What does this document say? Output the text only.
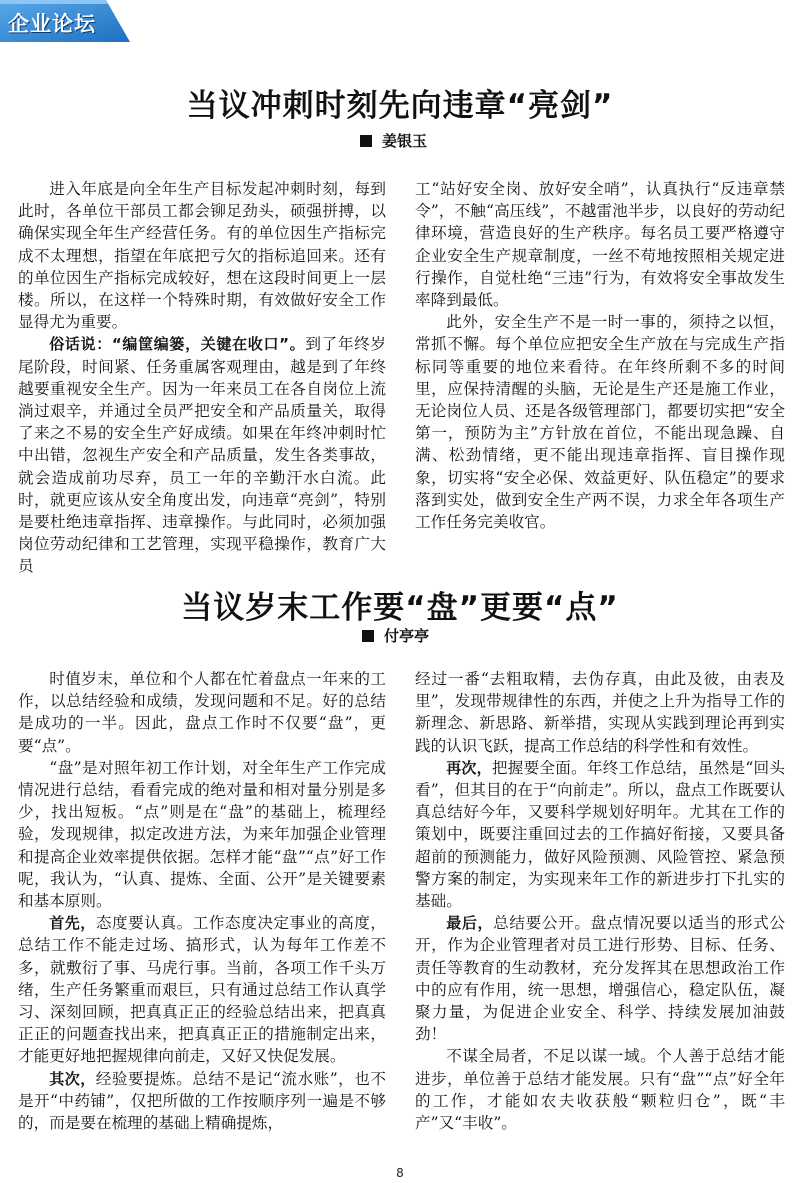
企业论坛
当议冲刺时刻先向违章“亮剑”
姜银玉

进入年底是向全年生产目标发起冲刺时刻，每到此时，各单位干部员工都会铆足劲头，硕强拼搏，以确保实现全年生产经营任务。有的单位因生产指标完成不太理想，指望在年底把亏欠的指标追回来。还有的单位因生产指标完成较好，想在这段时间更上一层楼。所以，在这样一个特殊时期，有效做好安全工作显得尤为重要。

俗话说：“编筐编篓，关键在收口”。到了年终岁尾阶段，时间紧、任务重属客观理由，越是到了年终越要重视安全生产。因为一年来员工在各自岗位上流淌过艰辛，并通过全员严把安全和产品质量关，取得了来之不易的安全生产好成绩。如果在年终冲刺时忙中出错，忽视生产安全和产品质量，发生各类事故，就会造成前功尽弃，员工一年的辛勤汗水白流。此时，就更应该从安全角度出发，向违章“亮剑”，特别是要杜绝违章指挥、违章操作。与此同时，必须加强岗位劳动纪律和工艺管理，实现平稳操作，教育广大员

工“站好安全岗、放好安全哨”，认真执行“反违章禁令”，不触“高压线”，不越雷池半步，以良好的劳动纪律环境，营造良好的生产秩序。每名员工要严格遵守企业安全生产规章制度，一丝不苟地按照相关规定进行操作，自觉杜绝“三违”行为，有效将安全事故发生率降到最低。

此外，安全生产不是一时一事的，须持之以恒，常抓不懈。每个单位应把安全生产放在与完成生产指标同等重要的地位来看待。在年终所剩不多的时间里，应保持清醒的头脑，无论是生产还是施工作业，无论岗位人员、还是各级管理部门，都要切实把“安全第一，预防为主”方针放在首位，不能出现急躁、自满、松劲情绪，更不能出现违章指挥、盲目操作现象，切实将“安全必保、效益更好、队伍稳定”的要求落到实处，做到安全生产两不误，力求全年各项生产工作任务完美收官。

当议岁末工作要“盘”更要“点”
付亭亭

时值岁末，单位和个人都在忙着盘点一年来的工作，以总结经验和成绩，发现问题和不足。好的总结是成功的一半。因此，盘点工作时不仅要“盘”，更要“点”。

“盘”是对照年初工作计划，对全年生产工作完成情况进行总结，看看完成的绝对量和相对量分别是多少，找出短板。“点”则是在“盘”的基础上，梳理经验，发现规律，拟定改进方法，为来年加强企业管理和提高企业效率提供依据。怎样才能“盘”“点”好工作呢，我认为，“认真、提炼、全面、公开”是关键要素和基本原则。

首先，态度要认真。工作态度决定事业的高度，总结工作不能走过场、搞形式，认为每年工作差不多，就敷衍了事、马虎行事。当前，各项工作千头万绪，生产任务繁重而艰巨，只有通过总结工作认真学习、深刻回顾，把真真正正的经验总结出来，把真真正正的问题查找出来，把真真正正的措施制定出来，才能更好地把握规律向前走，又好又快促发展。

其次，经验要提炼。总结不是记“流水账”，也不是开“中药铺”，仅把所做的工作按顺序列一遍是不够的，而是要在梳理的基础上精确提炼，

经过一番“去粗取精，去伪存真，由此及彼，由表及里”，发现带规律性的东西，并使之上升为指导工作的新理念、新思路、新举措，实现从实践到理论再到实践的认识飞跃，提高工作总结的科学性和有效性。

再次，把握要全面。年终工作总结，虽然是“回头看”，但其目的在于“向前走”。所以，盘点工作既要认真总结好今年，又要科学规划好明年。尤其在工作的策划中，既要注重回过去的工作搞好衔接，又要具备超前的预测能力，做好风险预测、风险管控、紧急预警方案的制定，为实现来年工作的新进步打下扎实的基础。

最后，总结要公开。盘点情况要以适当的形式公开，作为企业管理者对员工进行形势、目标、任务、责任等教育的生动教材，充分发挥其在思想政治工作中的应有作用，统一思想，增强信心，稳定队伍，凝聚力量，为促进企业安全、科学、持续发展加油鼓劲！

不谋全局者，不足以谋一域。个人善于总结才能进步，单位善于总结才能发展。只有“盘”“点”好全年的工作，才能如农夫收获般“颗粒归仓”，既“丰产”又“丰收”。

8
